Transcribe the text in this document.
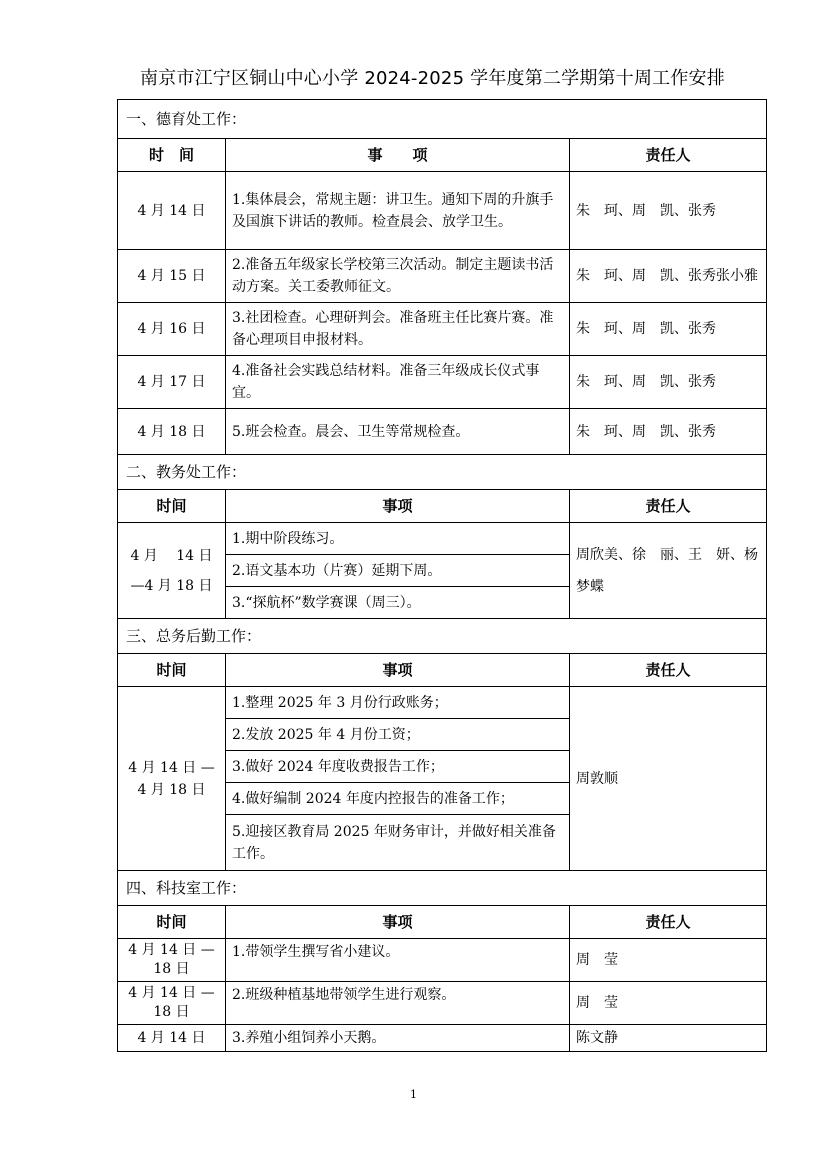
南京市江宁区铜山中心小学 2024-2025 学年度第二学期第十周工作安排
一、德育处工作：		
时　间	事　　项	责任人
4 月 14 日	1.集体晨会，常规主题：讲卫生。通知下周的升旗手及国旗下讲话的教师。检查晨会、放学卫生。	朱　珂、周　凯、张秀
4 月 15 日	2.准备五年级家长学校第三次活动。制定主题读书活动方案。关工委教师征文。	朱　珂、周　凯、张秀张小雅
4 月 16 日	3.社团检查。心理研判会。准备班主任比赛片赛。准备心理项目申报材料。	朱　珂、周　凯、张秀
4 月 17 日	4.准备社会实践总结材料。准备三年级成长仪式事宜。	朱　珂、周　凯、张秀
4 月 18 日	5.班会检查。晨会、卫生等常规检查。	朱　珂、周　凯、张秀
二、教务处工作：		
时间	事项	责任人
4 月　 14 日 —4 月 18 日	1.期中阶段练习。	周欣美、徐　丽、王　妍、杨梦蝶
	2.语文基本功（片赛）延期下周。	
	3.“探航杯”数学赛课（周三）。	
三、总务后勤工作：		
时间	事项	责任人
4 月 14 日 —4 月 18 日	1.整理 2025 年 3 月份行政账务；	周敦顺
	2.发放 2025 年 4 月份工资；	
	3.做好 2024 年度收费报告工作；	
	4.做好编制 2024 年度内控报告的准备工作；	
	5.迎接区教育局 2025 年财务审计，并做好相关准备工作。	
四、科技室工作：		
时间	事项	责任人
4 月 14 日 —18 日	1.带领学生撰写省小建议。	周　莹
4 月 14 日 —18 日	2.班级种植基地带领学生进行观察。	周　莹
4 月 14 日	3.养殖小组饲养小天鹅。	陈文静
1
